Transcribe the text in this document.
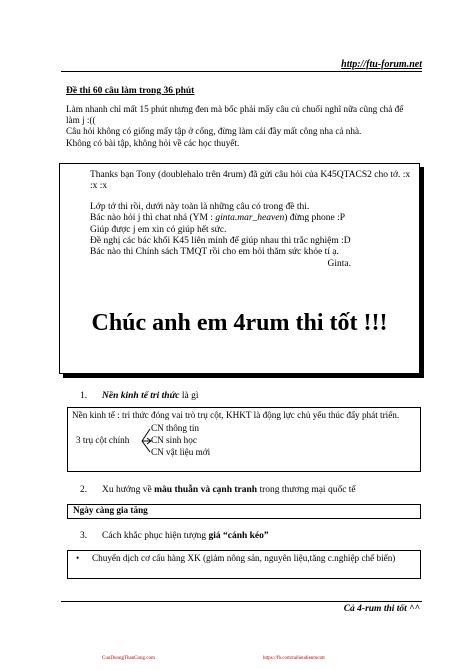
http://ftu-forum.net
Đề thi 60 câu làm trong 36 phút

Làm nhanh chỉ mất 15 phút nhưng đen mà bốc phải mấy câu củ chuối nghĩ nữa cũng chả để làm j :((

Câu hỏi không có giống mấy tập ở cổng, đừng làm cái đầy mất công nha cả nhà.

Không có bài tập, không hỏi về các học thuyết.

Thanks bạn Tony (doublehalo trên 4rum) đã gửi câu hỏi của K45QTACS2 cho tớ. :x :x :x

Lớp tớ thi rồi, dưới này toàn là những câu có trong đề thi.

Bác nào hỏi j thì chat nhá (YM : ginta.mar_heaven) đừng phone :P

Giúp được j em xin có giúp hết sức.

Đề nghị các bác khối K45 liên minh để giúp nhau thi trắc nghiệm :D

Bác nào thi Chính sách TMQT rồi cho em hỏi thăm sức khỏe tí ạ.

Ginta.

Chúc anh em 4rum thi tốt !!!
1. Nền kinh tế tri thức là gì
Nền kinh tế : tri thức đóng vai trò trụ cột, KHKT là động lực chủ yếu thúc đẩy phát triển.
3 trụ cột chính
CN thông tin
CN sinh học
CN vật liệu mới
2. Xu hướng về mâu thuẫn và cạnh tranh trong thương mại quốc tế
Ngày càng gia tăng
3. Cách khắc phục hiện tượng giá “cánh kéo”
•	Chuyển dịch cơ cấu hàng XK (giảm nông sản, nguyên liệu,tăng c.nghiệp chế biến)
Cả 4-rum thi tốt ^^
CuuDuongThanCong.com	https://fb.com/tailieudientucntt
